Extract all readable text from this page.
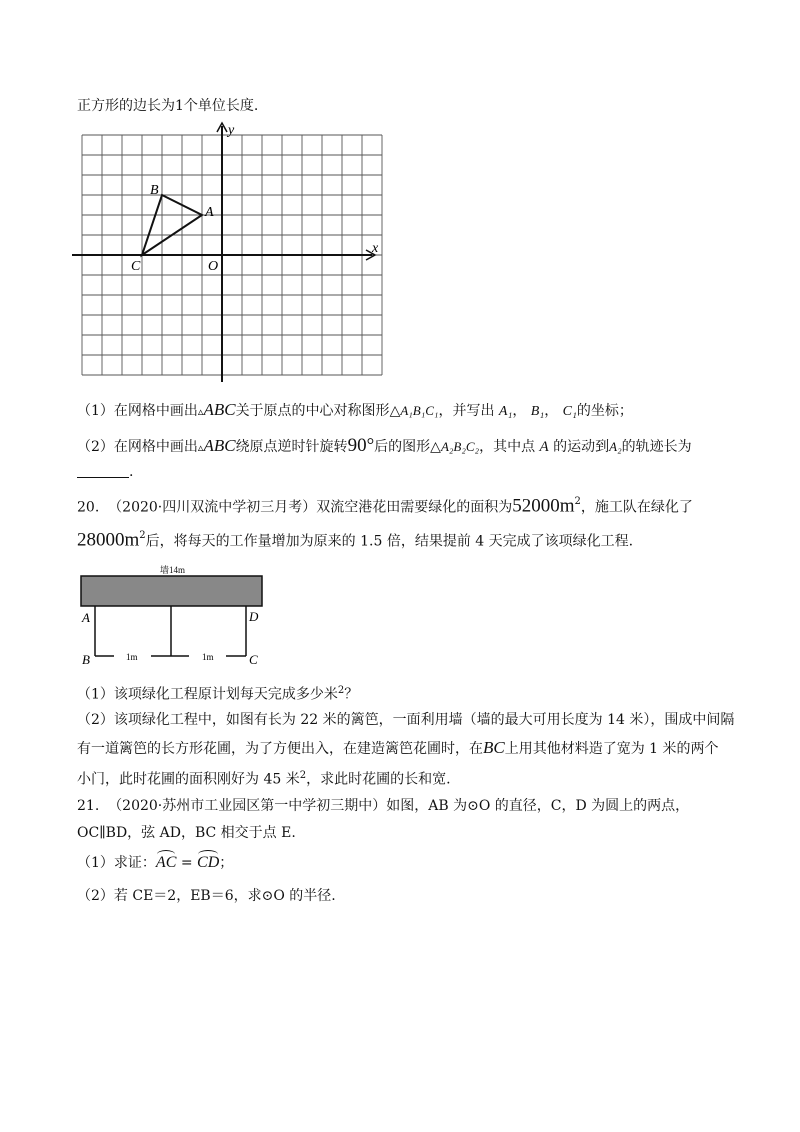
正方形的边长为1个单位长度.
x
y
O
A
B
C
（1）在网格中画出▵ABC关于原点的中心对称图形△A₁B₁C₁，并写出 A₁， B₁， C₁的坐标；
（2）在网格中画出▵ABC绕原点逆时针旋转90°后的图形△A₂B₂C₂，其中点 A 的运动到A₂的轨迹长为
.
20. （2020·四川双流中学初三月考）双流空港花田需要绿化的面积为$52000m^2$，施工队在绿化了
$28000m^2$后，将每天的工作量增加为原来的 1.5 倍，结果提前 4 天完成了该项绿化工程.
墙14m
A	D
B	C
1m	1m
（1）该项绿化工程原计划每天完成多少米$^2$？
（2）该项绿化工程中，如图有长为 22 米的篱笆，一面利用墙（墙的最大可用长度为 14 米），围成中间隔
有一道篱笆的长方形花圃，为了方便出入，在建造篱笆花圃时，在BC上用其他材料造了宽为 1 米的两个
小门，此时花圃的面积刚好为 45 米$^2$，求此时花圃的长和宽.
21. （2020·苏州市工业园区第一中学初三期中）如图，AB 为⊙O 的直径，C，D 为圆上的两点，
OC∥BD，弦 AD，BC 相交于点 E.
（1）求证：AC = CD；
（2）若 CE＝2，EB＝6，求⊙O 的半径.
